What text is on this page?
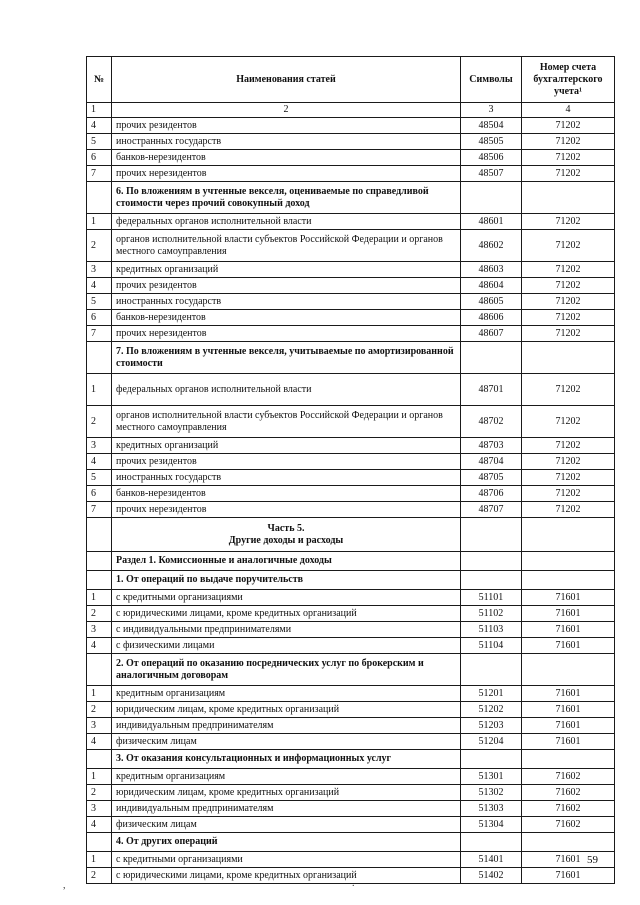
№	Наименования статей	Символы	Номер счета бухгалтерского учета¹
1	2	3	4
4	прочих резидентов	48504	71202
5	иностранных государств	48505	71202
6	банков-нерезидентов	48506	71202
7	прочих нерезидентов	48507	71202
	6. По вложениям в учтенные векселя, оцениваемые по справедливой стоимости через прочий совокупный доход		
1	федеральных органов исполнительной власти	48601	71202
2	органов исполнительной власти субъектов Российской Федерации и органов местного самоуправления	48602	71202
3	кредитных организаций	48603	71202
4	прочих резидентов	48604	71202
5	иностранных государств	48605	71202
6	банков-нерезидентов	48606	71202
7	прочих нерезидентов	48607	71202
	7. По вложениям в учтенные векселя, учитываемые по амортизированной стоимости		
1	федеральных органов исполнительной власти	48701	71202
2	органов исполнительной власти субъектов Российской Федерации и органов местного самоуправления	48702	71202
3	кредитных организаций	48703	71202
4	прочих резидентов	48704	71202
5	иностранных государств	48705	71202
6	банков-нерезидентов	48706	71202
7	прочих нерезидентов	48707	71202

	Часть 5.
Другие доходы и расходы		

	Раздел 1. Комиссионные и аналогичные доходы		
	1. От операций по выдаче поручительств		
1	с кредитными организациями	51101	71601
2	с юридическими лицами, кроме кредитных организаций	51102	71601
3	с индивидуальными предпринимателями	51103	71601
4	с физическими лицами	51104	71601
	2. От операций по оказанию посреднических услуг по брокерским и аналогичным договорам		
1	кредитным организациям	51201	71601
2	юридическим лицам, кроме кредитных организаций	51202	71601
3	индивидуальным предпринимателям	51203	71601
4	физическим лицам	51204	71601
	3. От оказания консультационных и информационных услуг		
1	кредитным организациям	51301	71602
2	юридическим лицам, кроме кредитных организаций	51302	71602
3	индивидуальным предпринимателям	51303	71602
4	физическим лицам	51304	71602
	4. От других операций		
1	с кредитными организациями	51401	71601
2	с юридическими лицами, кроме кредитных организаций	51402	71601
59
,	.
